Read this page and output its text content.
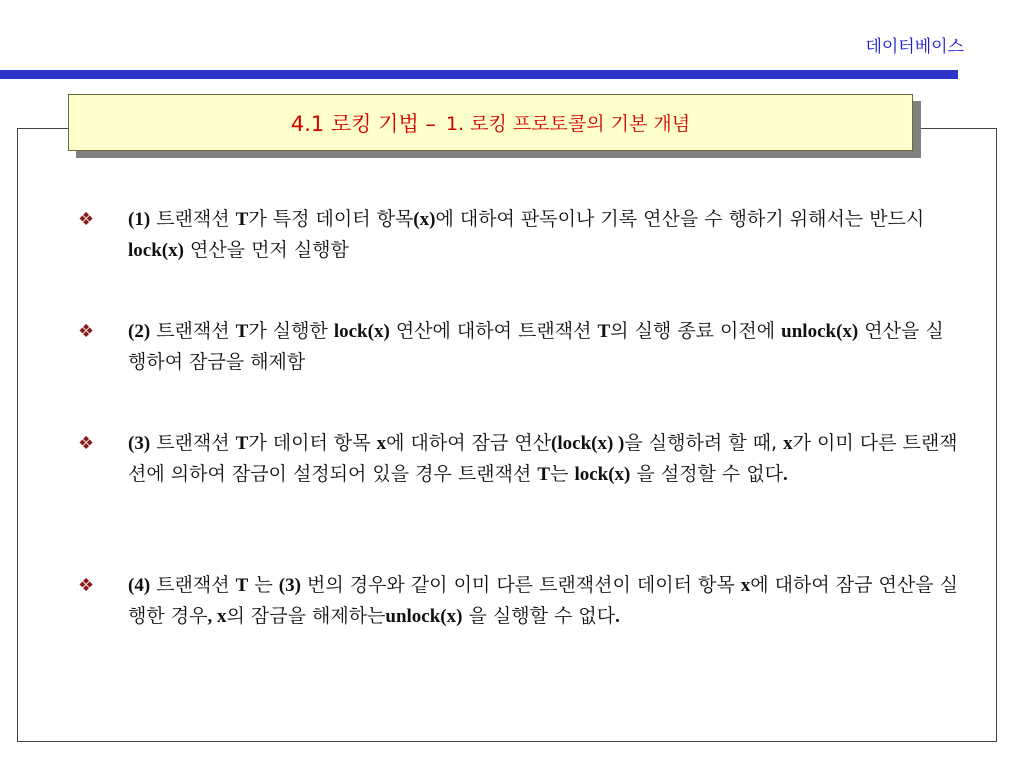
데이터베이스
4.1 로킹 기법 – 1. 로킹 프로토콜의 기본 개념
❖ (1) 트랜잭션 T가 특정 데이터 항목(x)에 대하여 판독이나 기록 연산을 수 행하기 위해서는 반드시 lock(x) 연산을 먼저 실행함
❖ (2) 트랜잭션 T가 실행한 lock(x) 연산에 대하여 트랜잭션 T의 실행 종료 이전에 unlock(x) 연산을 실행하여 잠금을 해제함
❖ (3) 트랜잭션 T가 데이터 항목 x에 대하여 잠금 연산(lock(x) )을 실행하려 할 때, x가 이미 다른 트랜잭션에 의하여 잠금이 설정되어 있을 경우 트랜잭션 T는 lock(x) 을 설정할 수 없다.
❖ (4) 트랜잭션 T 는 (3) 번의 경우와 같이 이미 다른 트랜잭션이 데이터 항목 x에 대하여 잠금 연산을 실행한 경우, x의 잠금을 해제하는unlock(x) 을 실행할 수 없다.
